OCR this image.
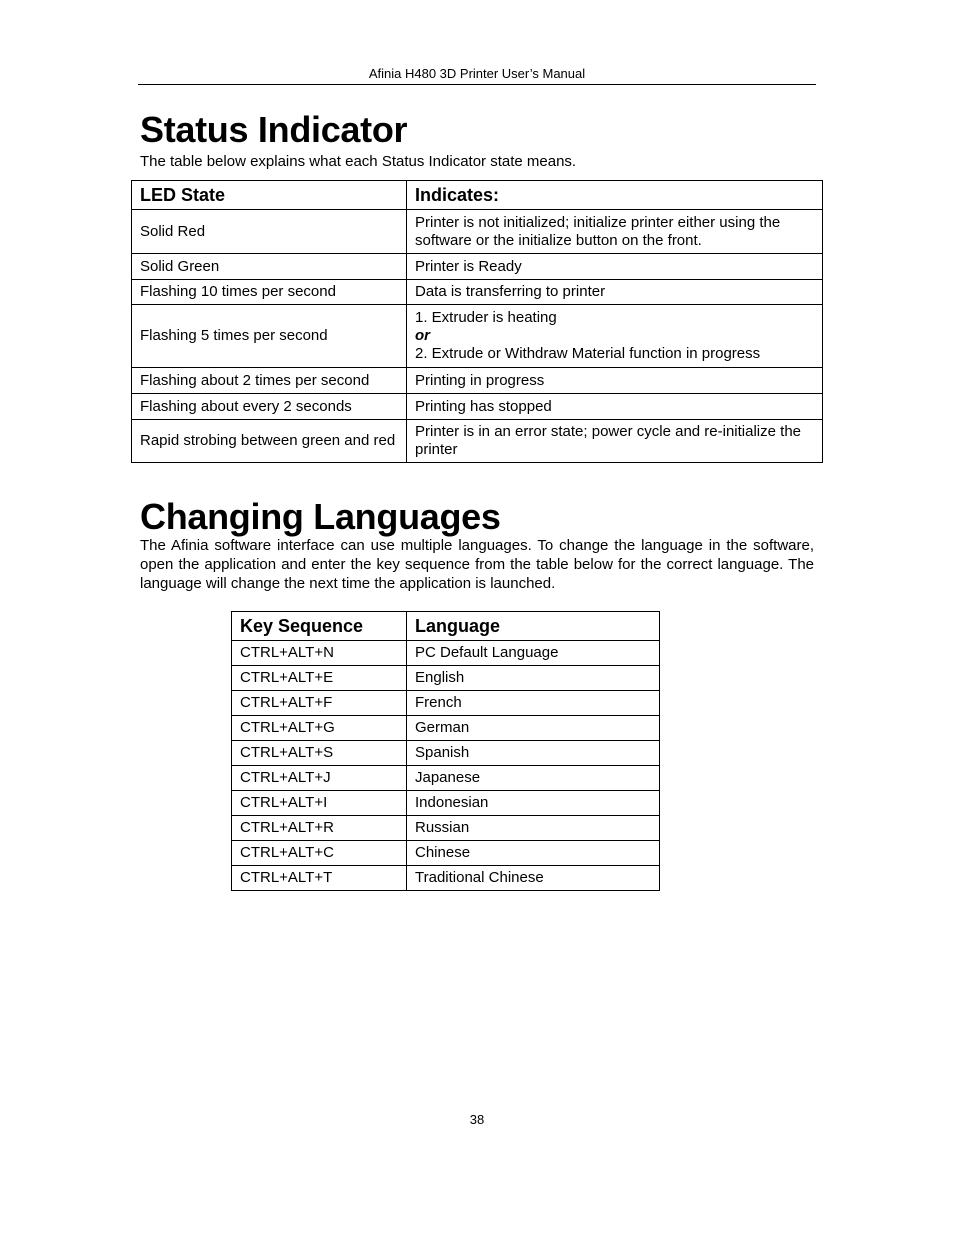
Afinia H480 3D Printer User’s Manual
Status Indicator

The table below explains what each Status Indicator state means.

LED State	Indicates:
Solid Red	Printer is not initialized; initialize printer either using the software or the initialize button on the front.
Solid Green	Printer is Ready
Flashing 10 times per second	Data is transferring to printer
Flashing 5 times per second	1. Extruder is heating
or
2. Extrude or Withdraw Material function in progress

Flashing about 2 times per second	Printing in progress
Flashing about every 2 seconds	Printing has stopped
Rapid strobing between green and red	Printer is in an error state; power cycle and re-initialize the printer
Changing Languages

The Afinia software interface can use multiple languages. To change the language in the software, open the application and enter the key sequence from the table below for the correct language. The language will change the next time the application is launched.

Key Sequence	Language
CTRL+ALT+N	PC Default Language
CTRL+ALT+E	English
CTRL+ALT+F	French
CTRL+ALT+G	German
CTRL+ALT+S	Spanish
CTRL+ALT+J	Japanese
CTRL+ALT+I	Indonesian
CTRL+ALT+R	Russian
CTRL+ALT+C	Chinese
CTRL+ALT+T	Traditional Chinese
38
